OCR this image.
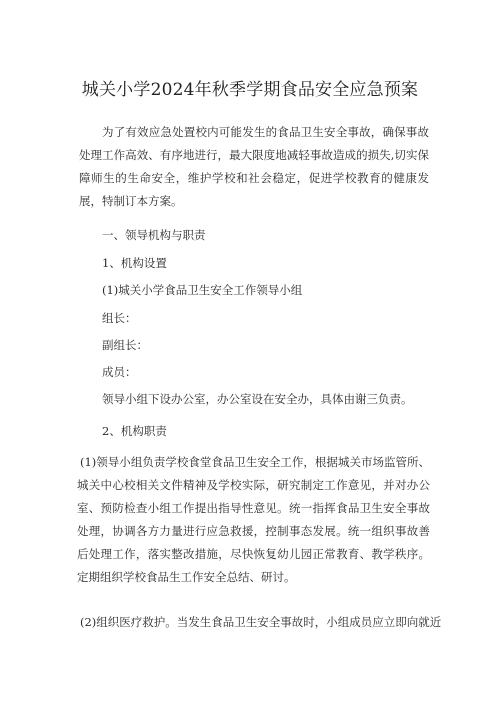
城关小学2024年秋季学期食品安全应急预案
为了有效应急处置校内可能发生的食品卫生安全事故，确保事故处理工作高效、有序地进行，最大限度地减轻事故造成的损失,切实保障师生的生命安全，维护学校和社会稳定，促进学校教育的健康发展，特制订本方案。
一、领导机构与职责
1、机构设置
(1)城关小学食品卫生安全工作领导小组
组长：
副组长：
成员：
领导小组下设办公室，办公室设在安全办，具体由谢三负责。
2、机构职责
(1)领导小组负责学校食堂食品卫生安全工作，根据城关市场监管所、城关中心校相关文件精神及学校实际，研究制定工作意见，并对办公室、预防检查小组工作提出指导性意见。统一指挥食品卫生安全事故处理，协调各方力量进行应急救援，控制事态发展。统一组织事故善后处理工作，落实整改措施，尽快恢复幼儿园正常教育、教学秩序。定期组织学校食品生工作安全总结、研讨。
(2)组织医疗救护。当发生食品卫生安全事故时，小组成员应立即向就近
